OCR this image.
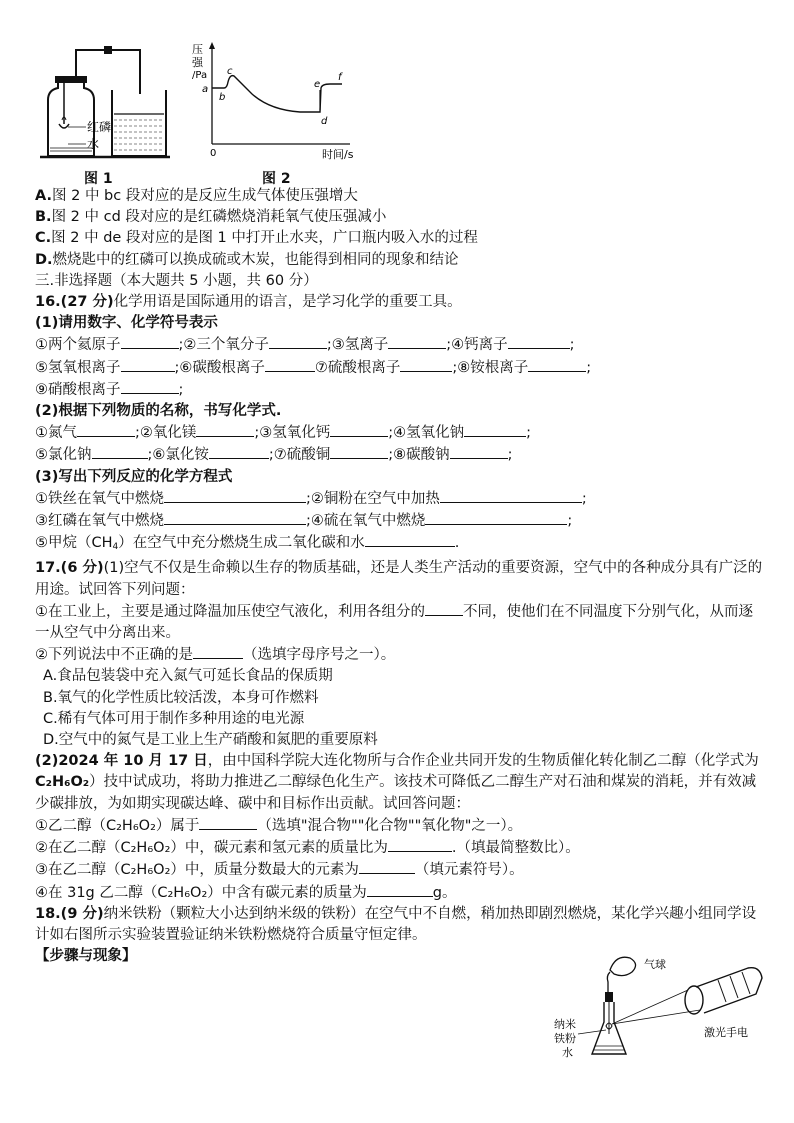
红磷
水
压
强
/Pa
0	时间/s
a
b
c
d
e
f
图 1	图 2
A.图 2 中 bc 段对应的是反应生成气体使压强增大
B.图 2 中 cd 段对应的是红磷燃烧消耗氧气使压强减小
C.图 2 中 de 段对应的是图 1 中打开止水夹，广口瓶内吸入水的过程
D.燃烧匙中的红磷可以换成硫或木炭，也能得到相同的现象和结论
三.非选择题（本大题共 5 小题，共 60 分）
16.(27 分)化学用语是国际通用的语言，是学习化学的重要工具。
(1)请用数字、化学符号表示
①两个氦原子	;②三个氧分子	;③氢离子	;④钙离子	;
⑤氢氧根离子	;⑥碳酸根离子	⑦硫酸根离子	;⑧铵根离子	;
⑨硝酸根离子	;
(2)根据下列物质的名称，书写化学式.
①氮气	;②氧化镁	;③氢氧化钙	;④氢氧化钠	;
⑤氯化钠	;⑥氯化铵	;⑦硫酸铜	;⑧碳酸钠	;
(3)写出下列反应的化学方程式
①铁丝在氧气中燃烧	;②铜粉在空气中加热	;
③红磷在氧气中燃烧	;④硫在氧气中燃烧	;
⑤甲烷$(CH_4)$在空气中充分燃烧生成二氧化碳和水	.
17.(6 分)(1)空气不仅是生命赖以生存的物质基础，还是人类生产活动的重要资源，空气中的各种成分具有广泛的用途。试回答下列问题：
①在工业上，主要是通过降温加压使空气液化，利用各组分的	不同，使他们在不同温度下分别气化，从而逐一从空气中分离出来。
②下列说法中不正确的是	（选填字母序号之一）。
A.食品包装袋中充入氮气可延长食品的保质期
B.氧气的化学性质比较活泼，本身可作燃料
C.稀有气体可用于制作多种用途的电光源
D.空气中的氮气是工业上生产硝酸和氮肥的重要原料
(2)2024 年 10 月 17 日，由中国科学院大连化物所与合作企业共同开发的生物质催化转化制乙二醇（化学式为 C₂H₆O₂）技中试成功，将助力推进乙二醇绿色化生产。该技术可降低乙二醇生产对石油和煤炭的消耗，并有效减少碳排放，为如期实现碳达峰、碳中和目标作出贡献。试回答问题：
①乙二醇（C₂H₆O₂）属于	（选填"混合物""化合物""氧化物"之一）。
②在乙二醇（C₂H₆O₂）中，碳元素和氢元素的质量比为	.（填最简整数比）。
③在乙二醇（C₂H₆O₂）中，质量分数最大的元素为	（填元素符号）。
④在 31g 乙二醇（C₂H₆O₂）中含有碳元素的质量为	g。
18.(9 分)纳米铁粉（颗粒大小达到纳米级的铁粉）在空气中不自燃，稍加热即剧烈燃烧，某化学兴趣小组同学设计如右图所示实验装置验证纳米铁粉燃烧符合质量守恒定律。
【步骤与现象】
气球
纳米
铁粉
水
激光手电
